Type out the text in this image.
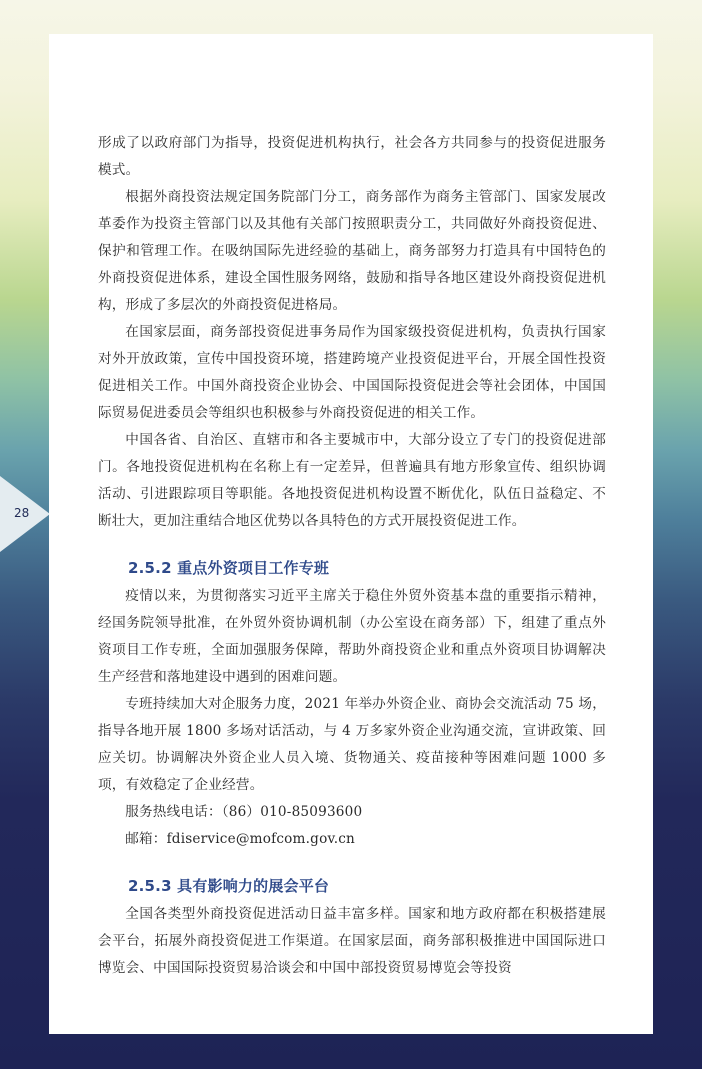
28

形成了以政府部门为指导，投资促进机构执行，社会各方共同参与的投资促进服务模式。

根据外商投资法规定国务院部门分工，商务部作为商务主管部门、国家发展改革委作为投资主管部门以及其他有关部门按照职责分工，共同做好外商投资促进、保护和管理工作。在吸纳国际先进经验的基础上，商务部努力打造具有中国特色的外商投资促进体系，建设全国性服务网络，鼓励和指导各地区建设外商投资促进机构，形成了多层次的外商投资促进格局。

在国家层面，商务部投资促进事务局作为国家级投资促进机构，负责执行国家对外开放政策，宣传中国投资环境，搭建跨境产业投资促进平台，开展全国性投资促进相关工作。中国外商投资企业协会、中国国际投资促进会等社会团体，中国国际贸易促进委员会等组织也积极参与外商投资促进的相关工作。

中国各省、自治区、直辖市和各主要城市中，大部分设立了专门的投资促进部门。各地投资促进机构在名称上有一定差异，但普遍具有地方形象宣传、组织协调活动、引进跟踪项目等职能。各地投资促进机构设置不断优化，队伍日益稳定、不断壮大，更加注重结合地区优势以各具特色的方式开展投资促进工作。

2.5.2 重点外资项目工作专班

疫情以来，为贯彻落实习近平主席关于稳住外贸外资基本盘的重要指示精神，经国务院领导批准，在外贸外资协调机制（办公室设在商务部）下，组建了重点外资项目工作专班，全面加强服务保障，帮助外商投资企业和重点外资项目协调解决生产经营和落地建设中遇到的困难问题。

专班持续加大对企服务力度，2021 年举办外资企业、商协会交流活动 75 场，指导各地开展 1800 多场对话活动，与 4 万多家外资企业沟通交流，宣讲政策、回应关切。协调解决外资企业人员入境、货物通关、疫苗接种等困难问题 1000 多项，有效稳定了企业经营。

服务热线电话：（86）010-85093600

邮箱：fdiservice@mofcom.gov.cn

2.5.3 具有影响力的展会平台

全国各类型外商投资促进活动日益丰富多样。国家和地方政府都在积极搭建展会平台，拓展外商投资促进工作渠道。在国家层面，商务部积极推进中国国际进口博览会、中国国际投资贸易洽谈会和中国中部投资贸易博览会等投资
